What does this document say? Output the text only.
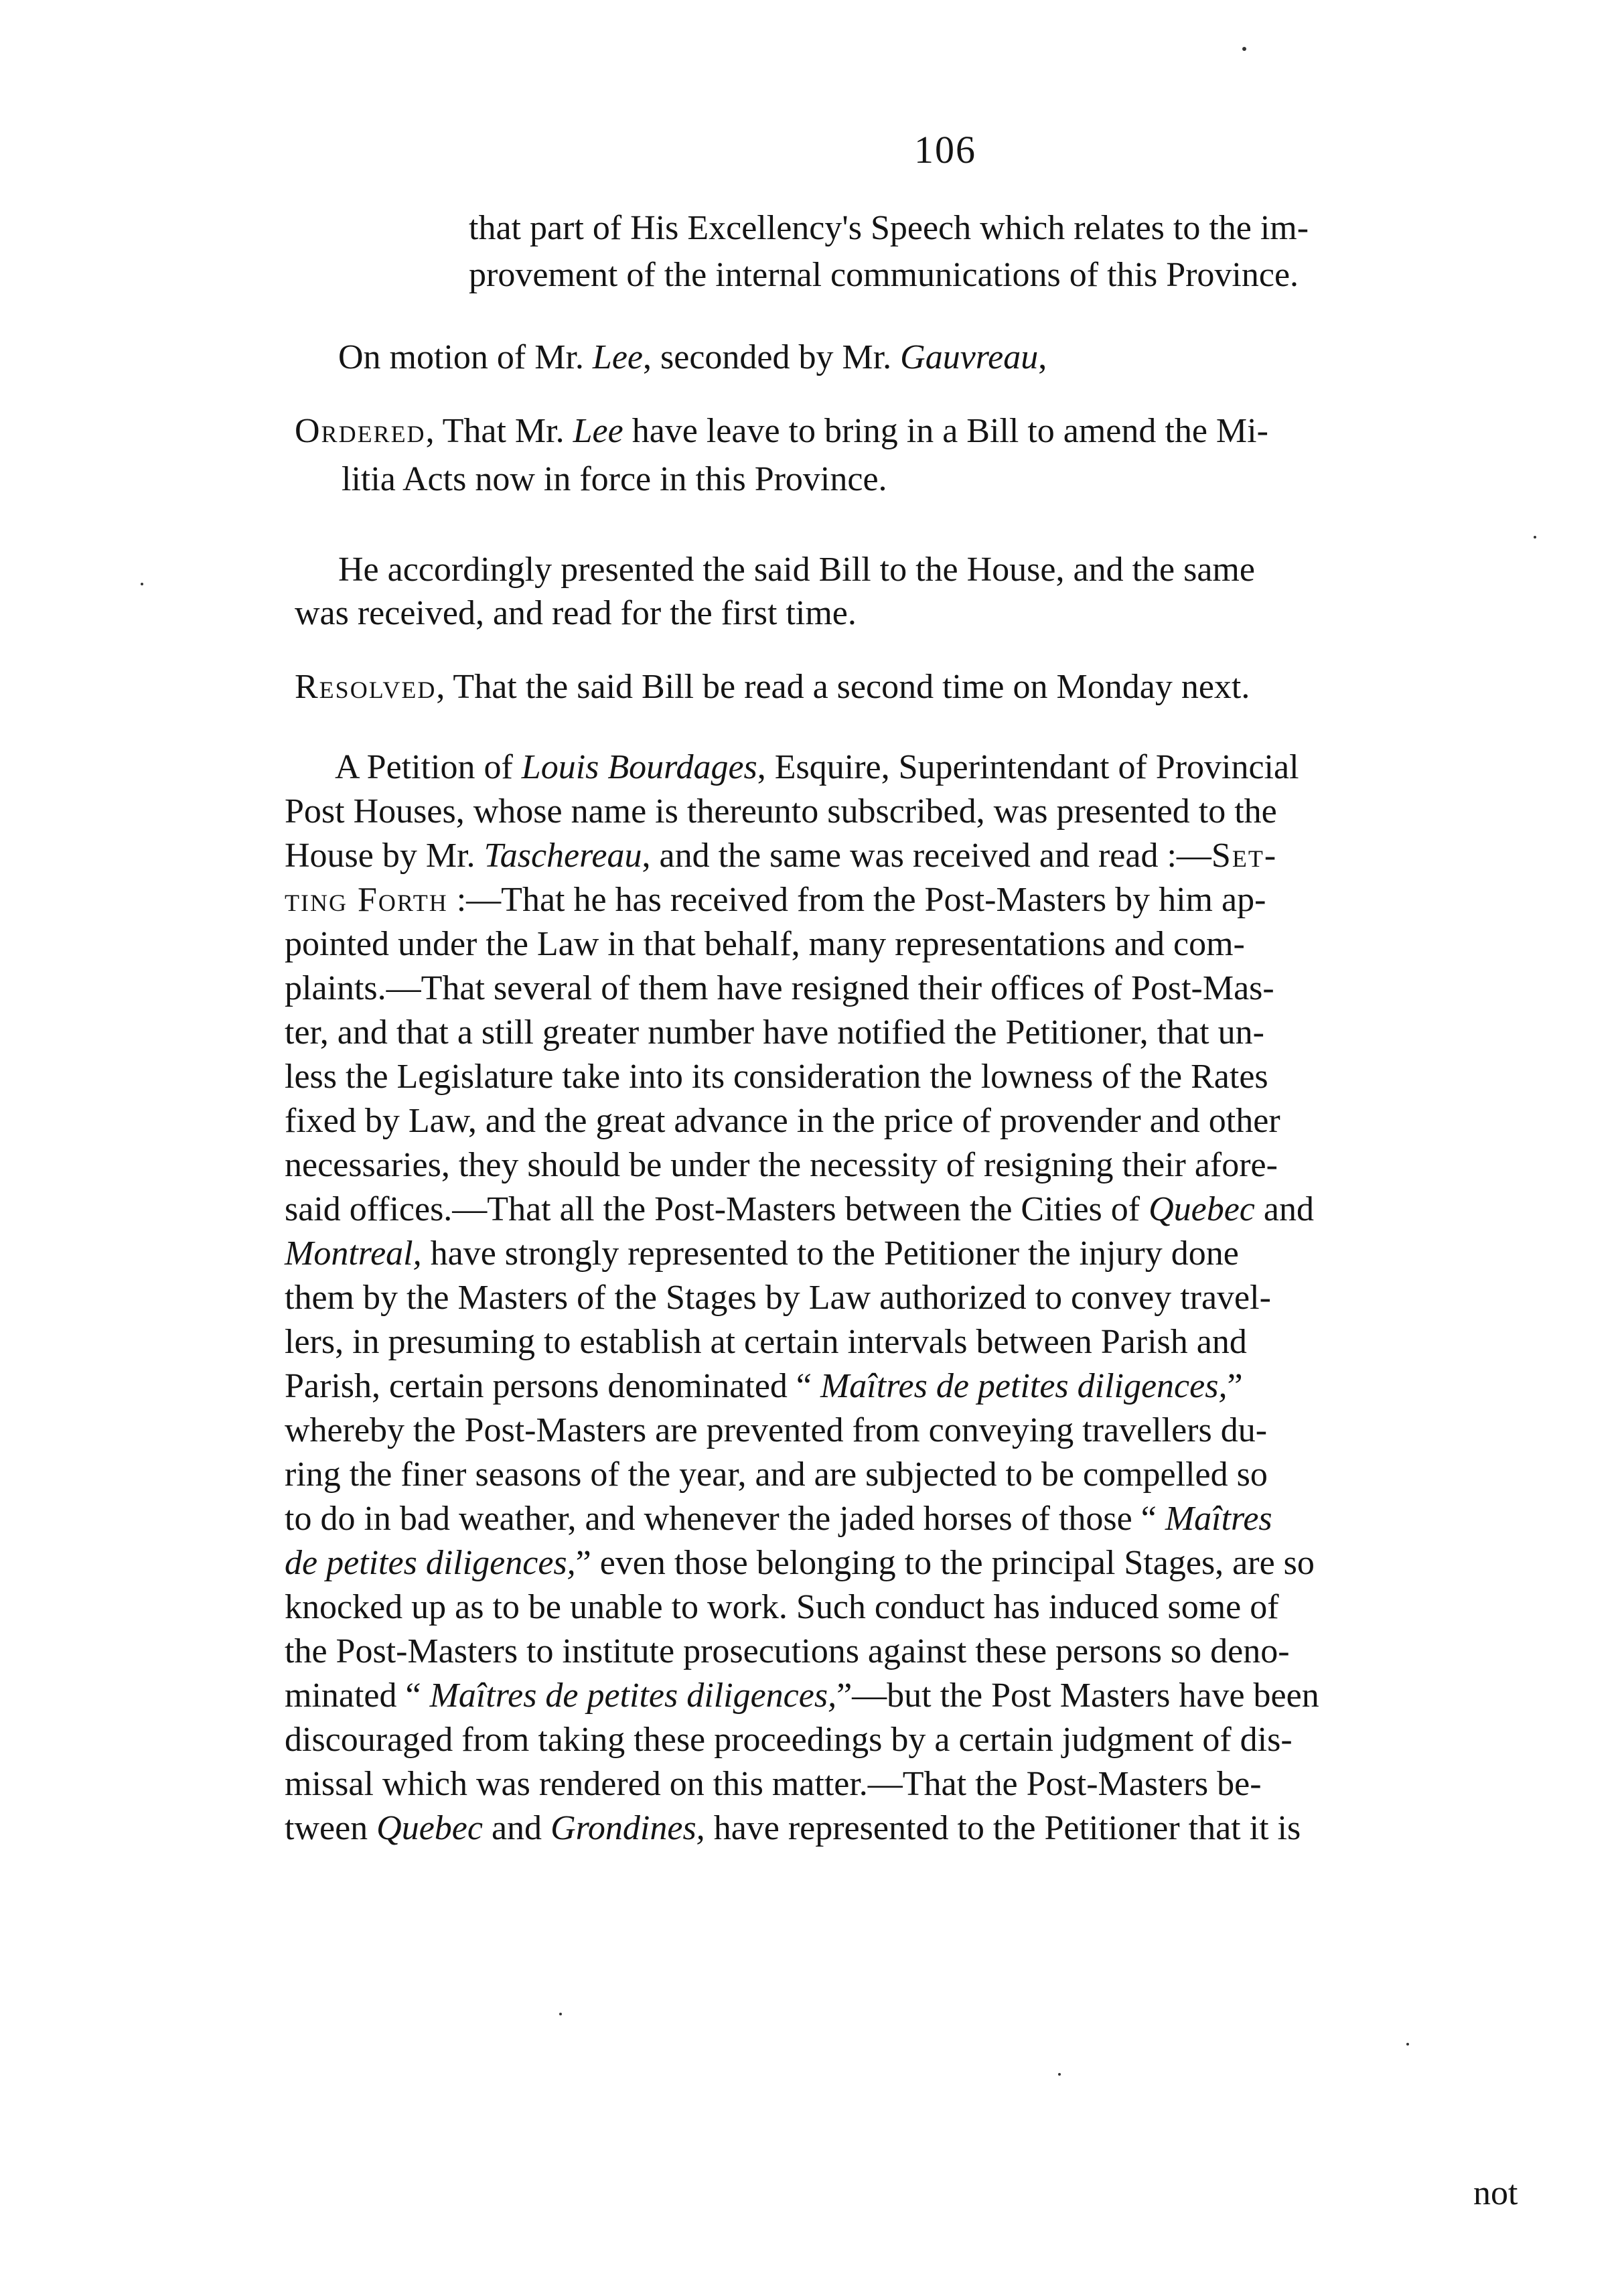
106
that part of His Excellency's Speech which relates to the im-
provement of the internal communications of this Province.
On motion of Mr. Lee, seconded by Mr. Gauvreau,
Ordered, That Mr. Lee have leave to bring in a Bill to amend the Mi-
litia Acts now in force in this Province.
He accordingly presented the said Bill to the House, and the same
was received, and read for the first time.
Resolved, That the said Bill be read a second time on Monday next.
A Petition of Louis Bourdages, Esquire, Superintendant of Provincial
Post Houses, whose name is thereunto subscribed, was presented to the
House by Mr. Taschereau, and the same was received and read :—Set-
ting Forth :—That he has received from the Post-Masters by him ap-
pointed under the Law in that behalf, many representations and com-
plaints.—That several of them have resigned their offices of Post-Mas-
ter, and that a still greater number have notified the Petitioner, that un-
less the Legislature take into its consideration the lowness of the Rates
fixed by Law, and the great advance in the price of provender and other
necessaries, they should be under the necessity of resigning their afore-
said offices.—That all the Post-Masters between the Cities of Quebec and
Montreal, have strongly represented to the Petitioner the injury done
them by the Masters of the Stages by Law authorized to convey travel-
lers, in presuming to establish at certain intervals between Parish and
Parish, certain persons denominated “ Maîtres de petites diligences,”
whereby the Post-Masters are prevented from conveying travellers du-
ring the finer seasons of the year, and are subjected to be compelled so
to do in bad weather, and whenever the jaded horses of those “ Maîtres
de petites diligences,” even those belonging to the principal Stages, are so
knocked up as to be unable to work. Such conduct has induced some of
the Post-Masters to institute prosecutions against these persons so deno-
minated “ Maîtres de petites diligences,”—but the Post Masters have been
discouraged from taking these proceedings by a certain judgment of dis-
missal which was rendered on this matter.—That the Post-Masters be-
tween Quebec and Grondines, have represented to the Petitioner that it is
not
